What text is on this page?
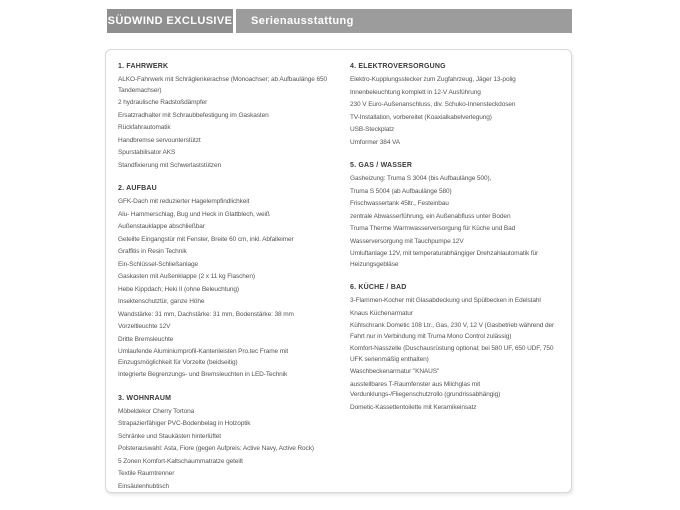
SÜDWIND EXCLUSIVE	Serienausstattung
1. FAHRWERK
ALKO-Fahrwerk mit Schräglenkerachse (Monoachser; ab Aufbaulänge 650 Tandemachser)
2 hydraulische Radstoßdämpfer
Ersatzradhalter mit Schraubbefestigung im Gaskasten
Rückfahrautomatik
Handbremse servounterstützt
Spurstabilisator AKS
Standfixierung mit Schwerlaststützen
2. AUFBAU
GFK-Dach mit reduzierter Hagelempfindlichkeit
Alu- Hammerschlag, Bug und Heck in Glattblech, weiß
Außenstauklappe abschließbar
Geteilte Eingangstür mit Fenster, Breite 60 cm, inkl. Abfalleimer
Graffitis in Resin Technik
Ein-Schlüssel-Schließanlage
Gaskasten mit Außenklappe (2 x 11 kg Flaschen)
Hebe Kippdach; Heki II (ohne Beleuchtung)
Insektenschutztür, ganze Höhe
Wandstärke: 31 mm, Dachstärke: 31 mm, Bodenstärke: 38 mm
Vorzeltleuchte 12V
Dritte Bremsleuchte
Umlaufende Aluminiumprofil-Kantenleisten Pro.tec Frame mit Einzugsmöglichkeit für Vorzelte (beidseitig)
Integrierte Begrenzungs- und Bremsleuchten in LED-Technik
3. WOHNRAUM
Möbeldekor Cherry Tortona
Strapazierfähiger PVC-Bodenbelag in Holzoptik
Schränke und Staukästen hinterlüftet
Polsterauswahl: Asta, Fiore (gegen Aufpreis: Active Navy, Active Rock)
5 Zonen Komfort-Kaltschaummatratze geteilt
Textile Raumtrenner
Einsäulenhubtisch
4. ELEKTROVERSORGUNG
Elektro-Kupplungsstecker zum Zugfahrzeug, Jäger 13-polig
Innenbeleuchtung komplett in 12-V Ausführung
230 V Euro-Außenanschluss, div. Schuko-Innensteckdosen
TV-Installation, vorbereitet (Koaxialkabelverlegung)
USB-Steckplatz
Umformer 384 VA
5. GAS / WASSER
Gasheizung: Truma S 3004 (bis Aufbaulänge 500),
Truma S 5004 (ab Aufbaulänge 580)
Frischwassertank 45ltr., Festeinbau
zentrale Abwasserführung, ein Außenabfluss unter Boden
Truma Therme Warmwasserversorgung für Küche und Bad
Wasserversorgung mit Tauchpumpe 12V
Umluftanlage 12V, mit temperaturabhängiger Drehzahlautomatik für Heizungsgebläse
6. KÜCHE / BAD
3-Flammen-Kocher mit Glasabdeckung und Spülbecken in Edelstahl
Knaus Küchenarmatur
Kühlschrank Dometic 108 Ltr., Gas, 230 V, 12 V (Gasbetrieb während der Fahrt nur in Verbindung mit Truma Mono Control zulässig)
Komfort-Nasszelle (Duschausrüstung optional; bei 580 UF, 650 UDF, 750 UFK serienmäßig enthalten)
Waschbeckenarmatur "KNAUS"
ausstellbares T-Raumfenster aus Milchglas mit Verdunklungs-/Fliegenschutzrollo (grundrissabhängig)
Dometic-Kassettentoilette mit Keramikeinsatz
